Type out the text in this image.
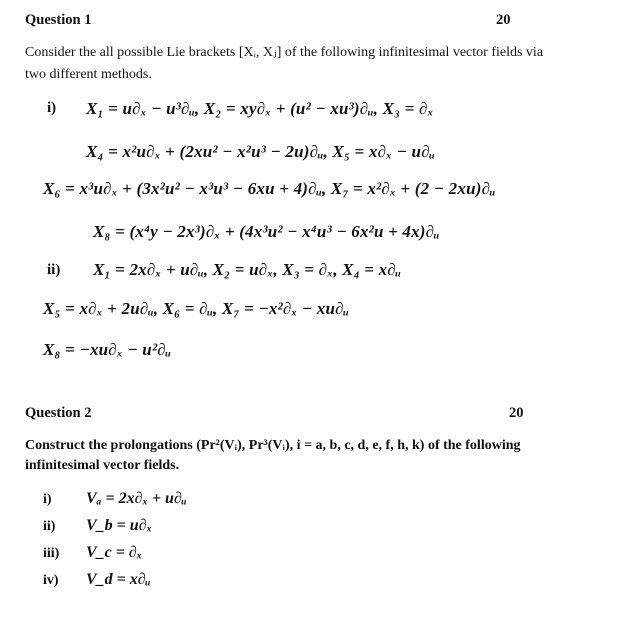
Question 1	20
Consider the all possible Lie brackets [Xᵢ, Xⱼ] of the following infinitesimal vector fields via
two different methods.
i) X₁ = u∂ₓ − u³∂ᵤ, X₂ = xy∂ₓ + (u² − xu³)∂ᵤ, X₃ = ∂ₓ
X₄ = x²u∂ₓ + (2xu² − x²u³ − 2u)∂ᵤ, X₅ = x∂ₓ − u∂ᵤ
X₆ = x³u∂ₓ + (3x²u² − x³u³ − 6xu + 4)∂ᵤ, X₇ = x²∂ₓ + (2 − 2xu)∂ᵤ
X₈ = (x⁴y − 2x³)∂ₓ + (4x³u² − x⁴u³ − 6x²u + 4x)∂ᵤ
ii) X₁ = 2x∂ₓ + u∂ᵤ, X₂ = u∂ₓ, X₃ = ∂ₓ, X₄ = x∂ᵤ
X₅ = x∂ₓ + 2u∂ᵤ, X₆ = ∂ᵤ, X₇ = −x²∂ₓ − xu∂ᵤ
X₈ = −xu∂ₓ − u²∂ᵤ
Question 2	20
Construct the prolongations (Pr²(Vᵢ), Pr³(Vᵢ), i = a, b, c, d, e, f, h, k) of the following
infinitesimal vector fields.
i) Vₐ = 2x∂ₓ + u∂ᵤ
ii) V_b = u∂ₓ
iii) V_c = ∂ₓ
iv) V_d = x∂ᵤ
